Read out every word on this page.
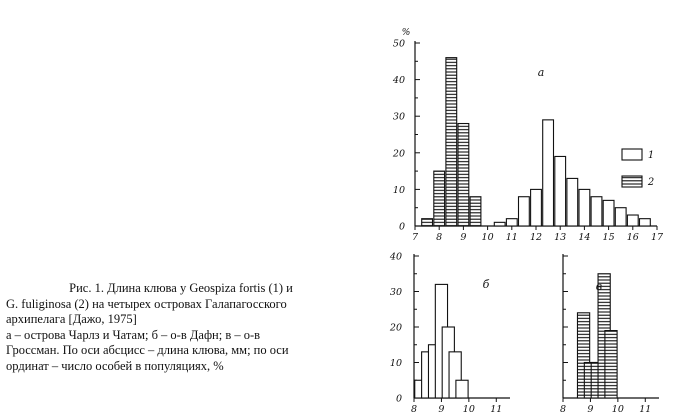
Рис. 1. Длина клюва у Geospiza fortis (1) и
G. fuliginosa (2) на четырех островах Галапагосского
архипелага [Дажо, 1975]
а – острова Чарлз и Чатам; б – о-в Дафн; в – о-в
Гроссман. По оси абсцисс – длина клюва, мм; по оси
ординат – число особей в популяциях, %
0
10
20
30
40
50
7 8 9 10 11 12 13 14 15 16 17
а
%
0
10
20
30
40
8 9 10 11
б
8 9 10 11
в
1
2
